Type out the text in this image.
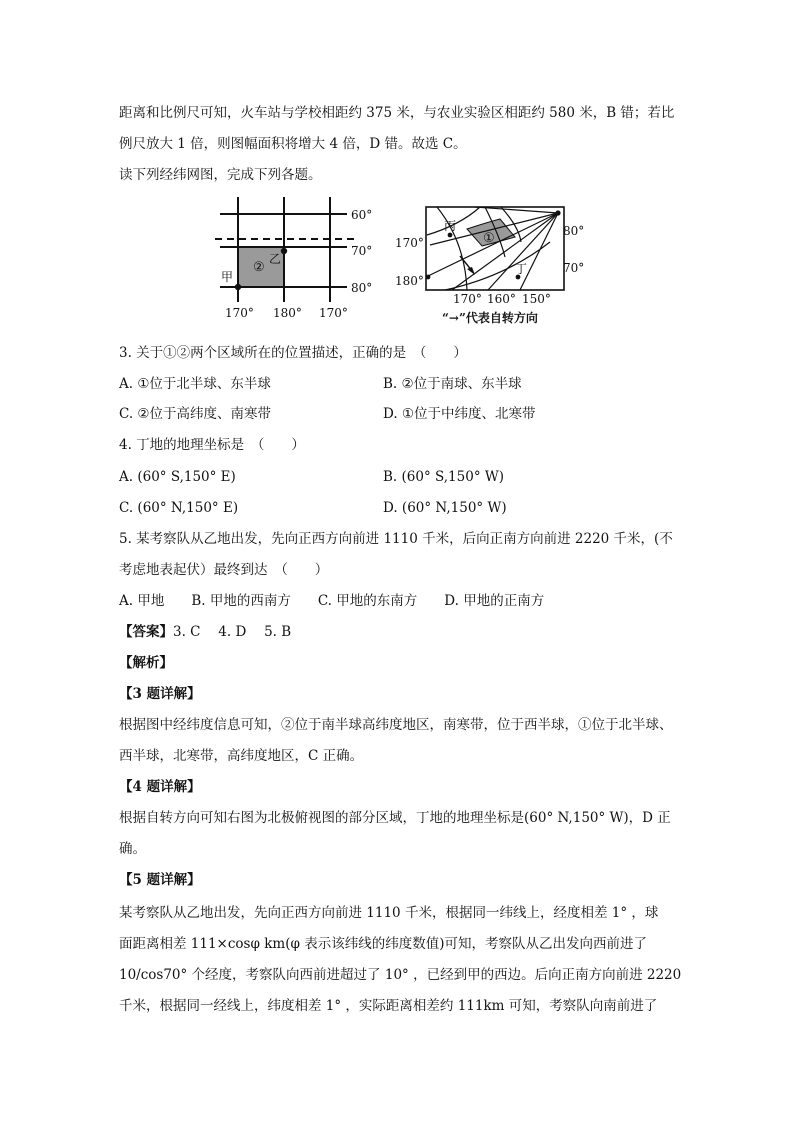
距离和比例尺可知，火车站与学校相距约 375 米，与农业实验区相距约 580 米，B 错；若比
例尺放大 1 倍，则图幅面积将增大 4 倍，D 错。故选 C。
读下列经纬网图，完成下列各题。
60°
70°
80°
170° 180° 170°
乙
甲
②
丙
①
丁
80°
70°
170°
180°
170° 160° 150°
“→”代表自转方向
3. 关于①②两个区域所在的位置描述，正确的是　（　　）
A. ①位于北半球、东半球	B. ②位于南球、东半球
C. ②位于高纬度、南寒带	D. ①位于中纬度、北寒带
4. 丁地的地理坐标是　（　　）
A. (60° S,150° E)	B. (60° S,150° W)
C. (60° N,150° E)	D. (60° N,150° W)
5. 某考察队从乙地出发，先向正西方向前进 1110 千米，后向正南方向前进 2220 千米，(不
考虑地表起伏）最终到达　（　　）
A. 甲地　　B. 甲地的西南方　　C. 甲地的东南方　　D. 甲地的正南方
【答案】3. C　 4. D　 5. B
【解析】
【3 题详解】
根据图中经纬度信息可知，②位于南半球高纬度地区，南寒带，位于西半球，①位于北半球、
西半球，北寒带，高纬度地区，C 正确。
【4 题详解】
根据自转方向可知右图为北极俯视图的部分区域，丁地的地理坐标是(60° N,150° W)，D 正
确。
【5 题详解】
某考察队从乙地出发，先向正西方向前进 1110 千米，根据同一纬线上，经度相差 1° ，球
面距离相差 111×cosφ km(φ 表示该纬线的纬度数值)可知，考察队从乙出发向西前进了
10/cos70° 个经度，考察队向西前进超过了 10° ，已经到甲的西边。后向正南方向前进 2220
千米，根据同一经线上，纬度相差 1° ，实际距离相差约 111km 可知，考察队向南前进了
